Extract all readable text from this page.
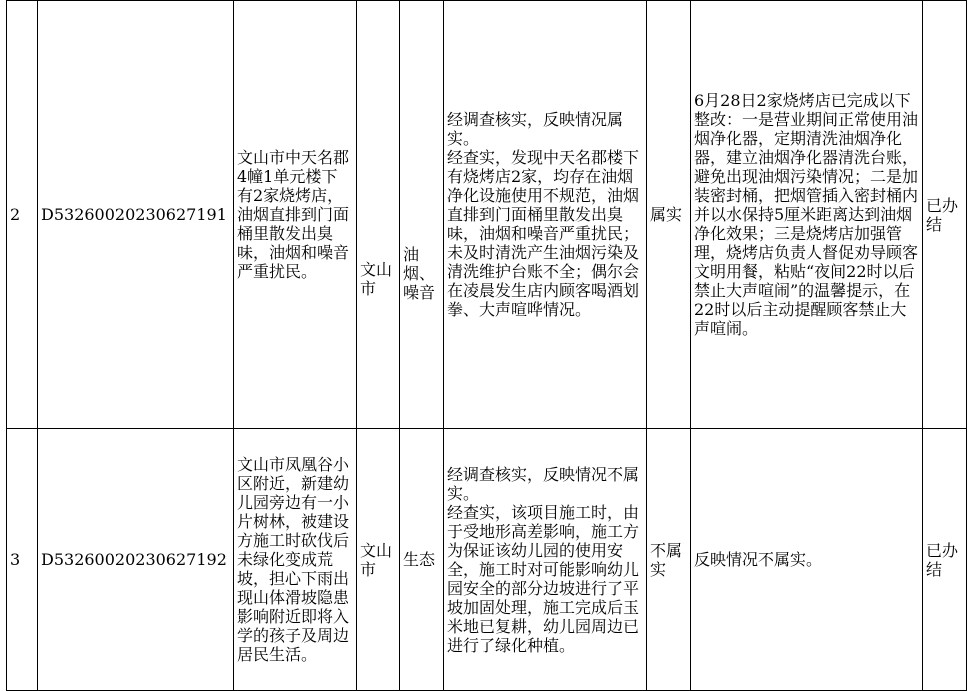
2	D53260020230627191	文山市中天名郡4幢1单元楼下有2家烧烤店，油烟直排到门面桶里散发出臭味，油烟和噪音严重扰民。	文山市	油烟、噪音	经调查核实，反映情况属实。
经查实，发现中天名郡楼下有烧烤店2家，均存在油烟净化设施使用不规范，油烟直排到门面桶里散发出臭味，油烟和噪音严重扰民；未及时清洗产生油烟污染及清洗维护台账不全；偶尔会在凌晨发生店内顾客喝酒划拳、大声喧哗情况。	属实	6月28日2家烧烤店已完成以下整改：一是营业期间正常使用油烟净化器，定期清洗油烟净化器，建立油烟净化器清洗台账，避免出现油烟污染情况；二是加装密封桶，把烟管插入密封桶内并以水保持5厘米距离达到油烟净化效果；三是烧烤店加强管理，烧烤店负责人督促劝导顾客文明用餐，粘贴“夜间22时以后禁止大声喧闹”的温馨提示，在22时以后主动提醒顾客禁止大声喧闹。	已办结
3	D53260020230627192	文山市凤凰谷小区附近，新建幼儿园旁边有一小片树林，被建设方施工时砍伐后未绿化变成荒坡，担心下雨出现山体滑坡隐患影响附近即将入学的孩子及周边居民生活。	文山市	生态	经调查核实，反映情况不属实。
经查实，该项目施工时，由于受地形高差影响，施工方为保证该幼儿园的使用安全，施工时对可能影响幼儿园安全的部分边坡进行了平坡加固处理，施工完成后玉米地已复耕，幼儿园周边已进行了绿化种植。	不属实	反映情况不属实。	已办结
